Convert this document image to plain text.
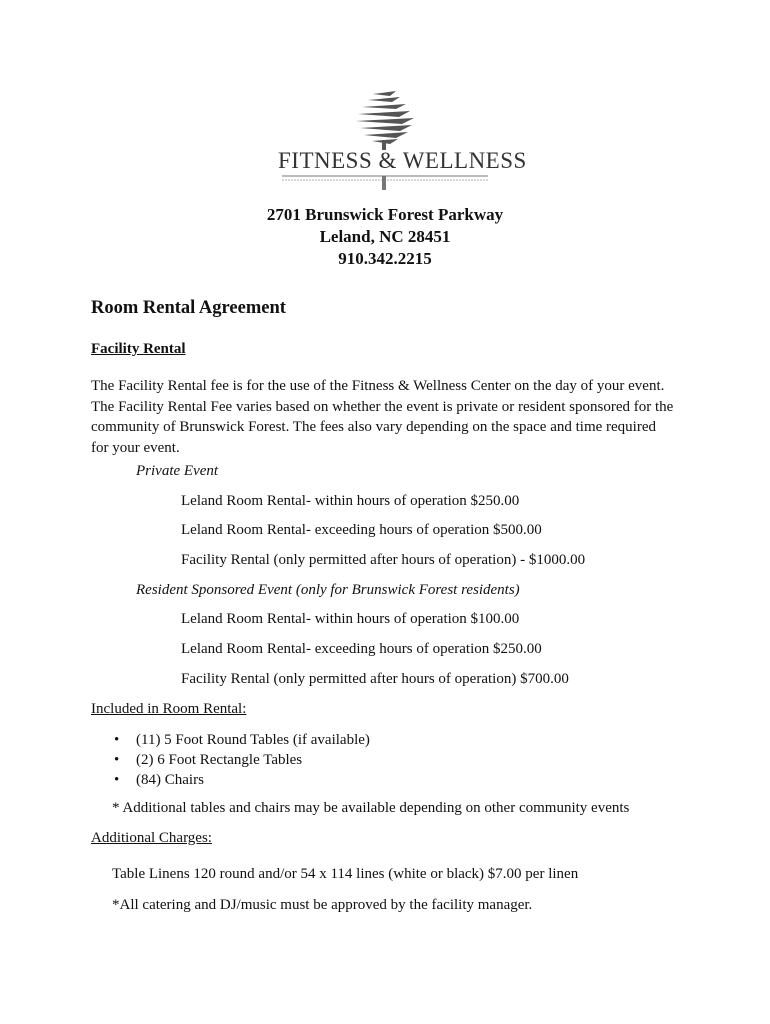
FITNESS & WELLNESS
2701 Brunswick Forest Parkway
Leland, NC 28451
910.342.2215
Room Rental Agreement
Facility Rental
The Facility Rental fee is for the use of the Fitness & Wellness Center on the day of your event.
The Facility Rental Fee varies based on whether the event is private or resident sponsored for the
community of Brunswick Forest. The fees also vary depending on the space and time required
for your event.
Private Event
Leland Room Rental- within hours of operation $250.00
Leland Room Rental- exceeding hours of operation $500.00
Facility Rental (only permitted after hours of operation) - $1000.00
Resident Sponsored Event (only for Brunswick Forest residents)
Leland Room Rental- within hours of operation $100.00
Leland Room Rental- exceeding hours of operation $250.00
Facility Rental (only permitted after hours of operation) $700.00
Included in Room Rental:
• (11) 5 Foot Round Tables (if available)
• (2) 6 Foot Rectangle Tables
• (84) Chairs
* Additional tables and chairs may be available depending on other community events
Additional Charges:
Table Linens 120 round and/or 54 x 114 lines (white or black) $7.00 per linen
*All catering and DJ/music must be approved by the facility manager.
